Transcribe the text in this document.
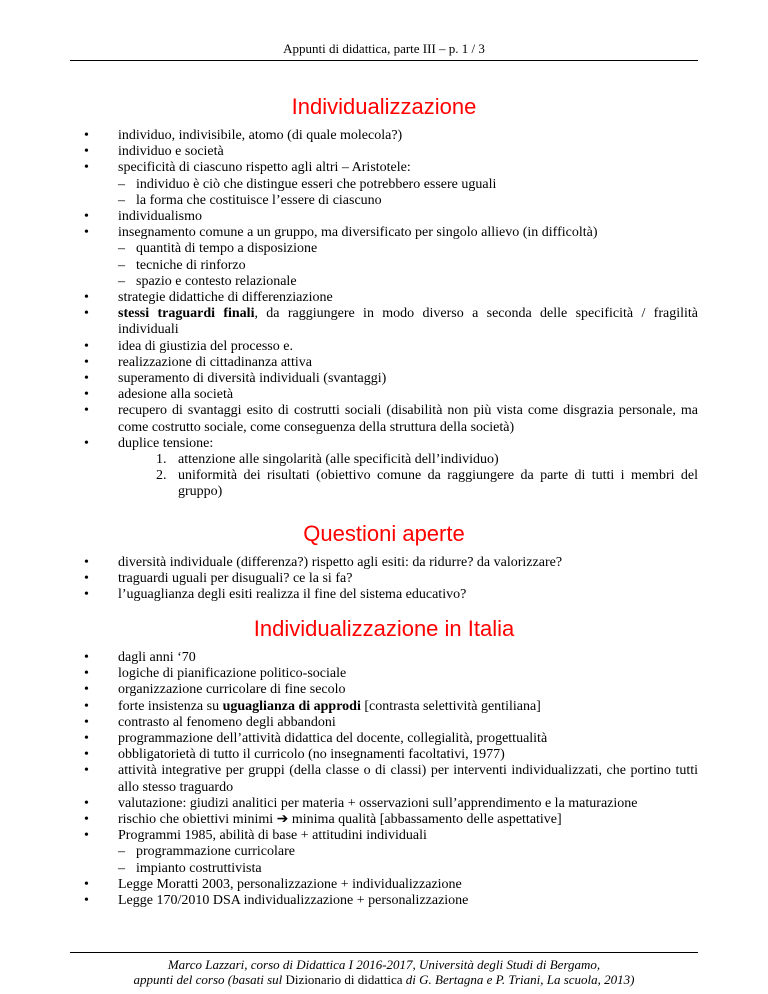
Appunti di didattica, parte III – p. 1 / 3
Individualizzazione
• individuo, indivisibile, atomo (di quale molecola?)
• individuo e società
• specificità di ciascuno rispetto agli altri – Aristotele:
– individuo è ciò che distingue esseri che potrebbero essere uguali
– la forma che costituisce l’essere di ciascuno
• individualismo
• insegnamento comune a un gruppo, ma diversificato per singolo allievo (in difficoltà)
– quantità di tempo a disposizione
– tecniche di rinforzo
– spazio e contesto relazionale
• strategie didattiche di differenziazione
• stessi traguardi finali, da raggiungere in modo diverso a seconda delle specificità / fragilità individuali
• idea di giustizia del processo e.
• realizzazione di cittadinanza attiva
• superamento di diversità individuali (svantaggi)
• adesione alla società
• recupero di svantaggi esito di costrutti sociali (disabilità non più vista come disgrazia personale, ma come costrutto sociale, come conseguenza della struttura della società)
• duplice tensione:
1. attenzione alle singolarità (alle specificità dell’individuo)
2. uniformità dei risultati (obiettivo comune da raggiungere da parte di tutti i membri del gruppo)
Questioni aperte
• diversità individuale (differenza?) rispetto agli esiti: da ridurre? da valorizzare?
• traguardi uguali per disuguali? ce la si fa?
• l’uguaglianza degli esiti realizza il fine del sistema educativo?
Individualizzazione in Italia
• dagli anni ‘70
• logiche di pianificazione politico-sociale
• organizzazione curricolare di fine secolo
• forte insistenza su uguaglianza di approdi [contrasta selettività gentiliana]
• contrasto al fenomeno degli abbandoni
• programmazione dell’attività didattica del docente, collegialità, progettualità
• obbligatorietà di tutto il curricolo (no insegnamenti facoltativi, 1977)
• attività integrative per gruppi (della classe o di classi) per interventi individualizzati, che portino tutti allo stesso traguardo
• valutazione: giudizi analitici per materia + osservazioni sull’apprendimento e la maturazione
• rischio che obiettivi minimi ➔ minima qualità [abbassamento delle aspettative]
• Programmi 1985, abilità di base + attitudini individuali
– programmazione curricolare
– impianto costruttivista
• Legge Moratti 2003, personalizzazione + individualizzazione
• Legge 170/2010 DSA individualizzazione + personalizzazione
Marco Lazzari, corso di Didattica I 2016-2017, Università degli Studi di Bergamo,
appunti del corso (basati sul Dizionario di didattica di G. Bertagna e P. Triani, La scuola, 2013)
